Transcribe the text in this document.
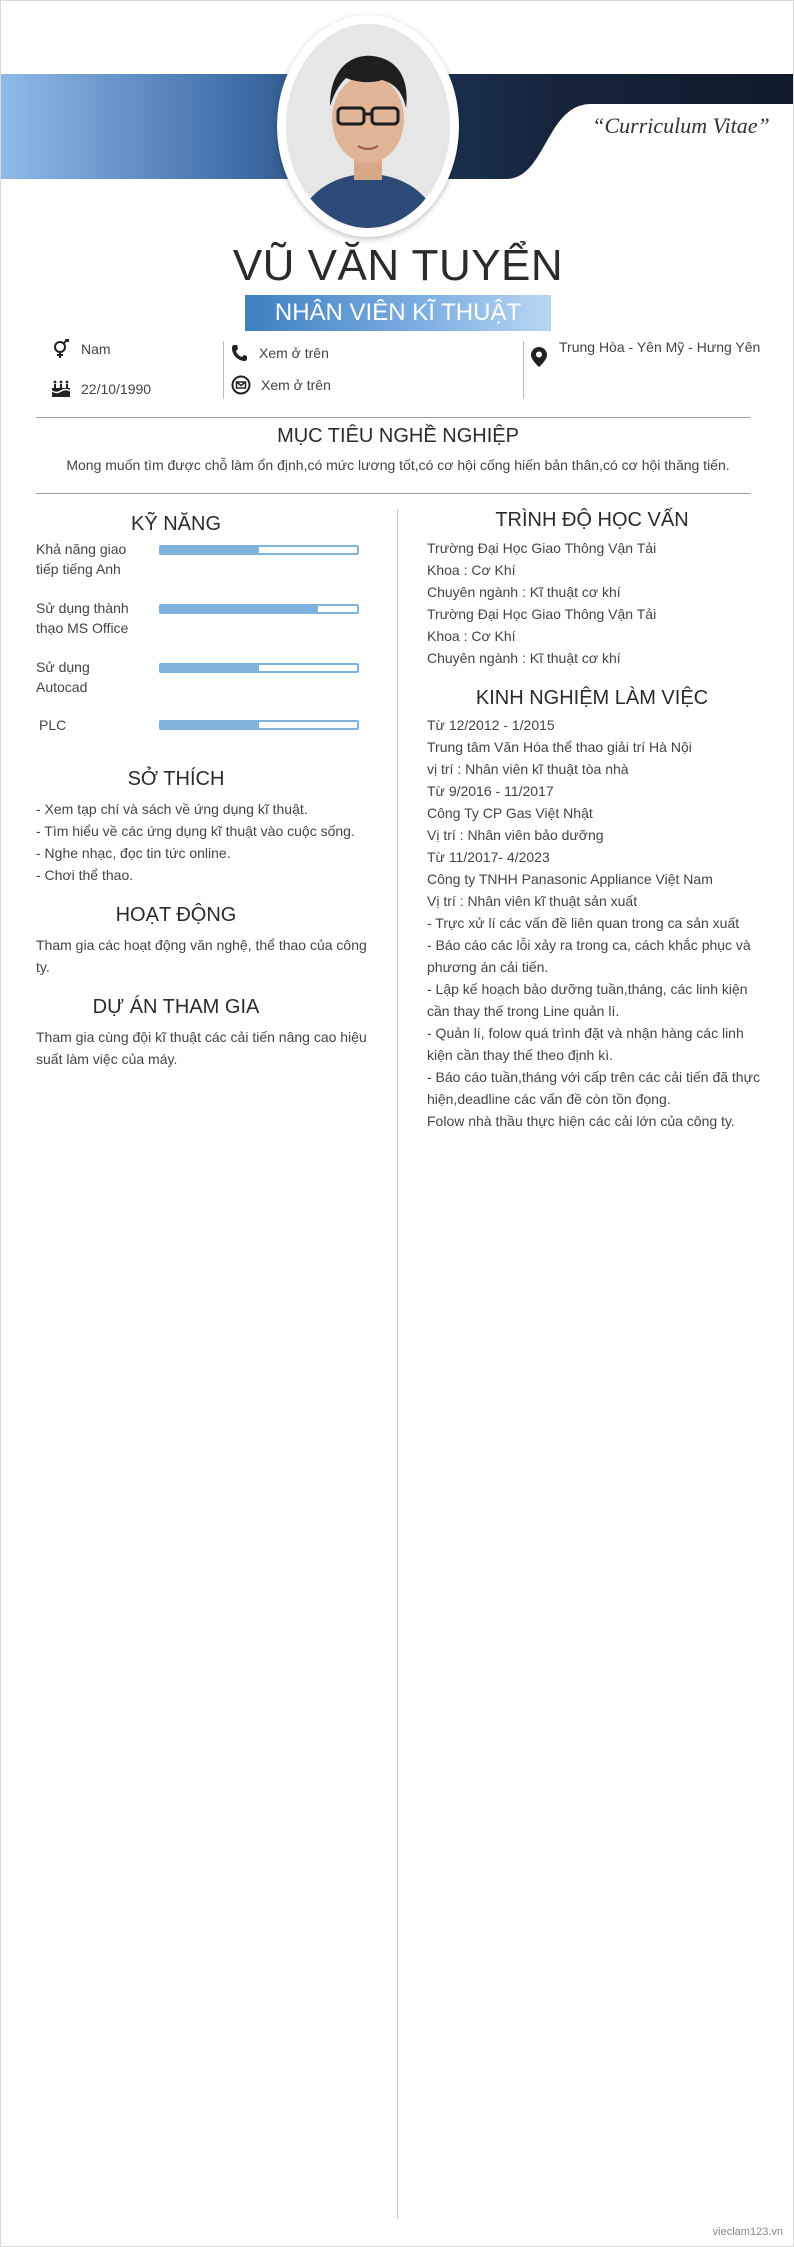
“Curriculum Vitae”
VŨ VĂN TUYỂN
NHÂN VIÊN KĨ THUẬT
Nam
22/10/1990
Xem ở trên
Xem ở trên
Trung Hòa - Yên Mỹ - Hưng Yên
MỤC TIÊU NGHỀ NGHIỆP
Mong muốn tìm được chỗ làm ổn định,có mức lương tốt,có cơ hội cống hiến bản thân,có cơ hội thăng tiến.
KỸ NĂNG
Khả năng giao
tiếp tiếng Anh
Sử dụng thành
thạo MS Office
Sử dụng
Autocad
PLC
SỞ THÍCH
- Xem tạp chí và sách về ứng dụng kĩ thuật.
- Tìm hiểu về các ứng dụng kĩ thuật vào cuộc sống.
- Nghe nhạc, đọc tin tức online.
- Chơi thể thao.
HOẠT ĐỘNG
Tham gia các hoạt động văn nghệ, thể thao của công
ty.
DỰ ÁN THAM GIA
Tham gia cùng đội kĩ thuật các cải tiến nâng cao hiệu
suất làm việc của máy.
TRÌNH ĐỘ HỌC VẤN
Trường Đại Học Giao Thông Vận Tải
Khoa : Cơ Khí
Chuyên ngành : Kĩ thuật cơ khí
Trường Đại Học Giao Thông Vận Tải
Khoa : Cơ Khí
Chuyên ngành : Kĩ thuật cơ khí
KINH NGHIỆM LÀM VIỆC
Từ 12/2012 - 1/2015
Trung tâm Văn Hóa thể thao giải trí Hà Nội
vị trí : Nhân viên kĩ thuật tòa nhà
Từ 9/2016 - 11/2017
Công Ty CP Gas Việt Nhật
Vị trí : Nhân viên bảo dưỡng
Từ 11/2017- 4/2023
Công ty TNHH Panasonic Appliance Việt Nam
Vị trí : Nhân viên kĩ thuật sản xuất
- Trực xử lí các vấn đề liên quan trong ca sản xuất
- Báo cáo các lỗi xảy ra trong ca, cách khắc phục và
phương án cải tiến.
- Lập kế hoạch bảo dưỡng tuần,tháng, các linh kiện
cần thay thế trong Line quản lí.
- Quản lí, folow quá trình đặt và nhận hàng các linh
kiện cần thay thế theo định kì.
- Báo cáo tuần,tháng với cấp trên các cải tiến đã thực
hiện,deadline các vấn đề còn tồn đọng.
Folow nhà thầu thực hiện các cải lớn của công ty.
vieclam123.vn
